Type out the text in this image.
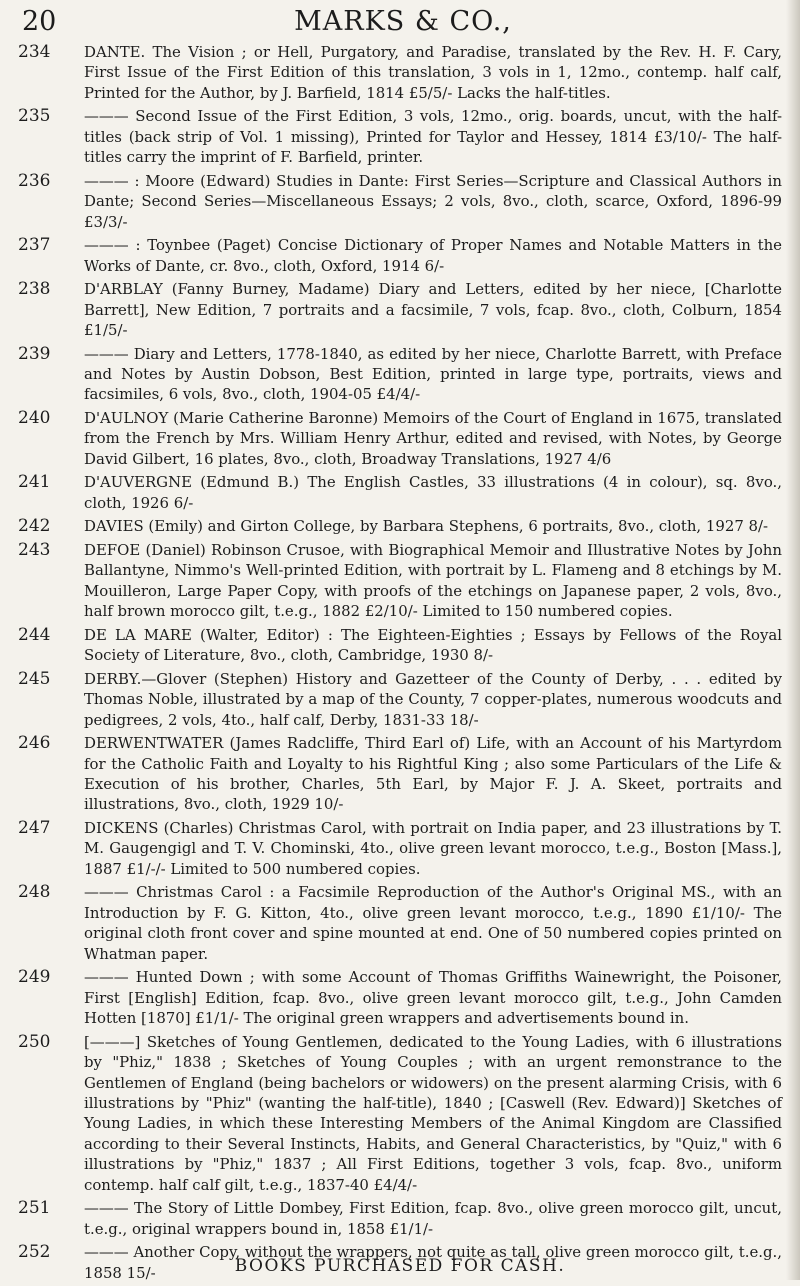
20	MARKS & CO.,
234	DANTE. The Vision ; or Hell, Purgatory, and Paradise, translated by the Rev. H. F. Cary, First Issue of the First Edition of this translation, 3 vols in 1, 12mo., contemp. half calf, Printed for the Author, by J. Barfield, 1814 £5/5/- Lacks the half-titles.
235	——— Second Issue of the First Edition, 3 vols, 12mo., orig. boards, uncut, with the half-titles (back strip of Vol. 1 missing), Printed for Taylor and Hessey, 1814 £3/10/- The half-titles carry the imprint of F. Barfield, printer.
236	——— : Moore (Edward) Studies in Dante: First Series—Scripture and Classical Authors in Dante; Second Series—Miscellaneous Essays; 2 vols, 8vo., cloth, scarce, Oxford, 1896-99 £3/3/-
237	——— : Toynbee (Paget) Concise Dictionary of Proper Names and Notable Matters in the Works of Dante, cr. 8vo., cloth, Oxford, 1914 6/-
238	D'ARBLAY (Fanny Burney, Madame) Diary and Letters, edited by her niece, [Charlotte Barrett], New Edition, 7 portraits and a facsimile, 7 vols, fcap. 8vo., cloth, Colburn, 1854 £1/5/-
239	——— Diary and Letters, 1778-1840, as edited by her niece, Charlotte Barrett, with Preface and Notes by Austin Dobson, Best Edition, printed in large type, portraits, views and facsimiles, 6 vols, 8vo., cloth, 1904-05 £4/4/-
240	D'AULNOY (Marie Catherine Baronne) Memoirs of the Court of England in 1675, translated from the French by Mrs. William Henry Arthur, edited and revised, with Notes, by George David Gilbert, 16 plates, 8vo., cloth, Broadway Translations, 1927 4/6
241	D'AUVERGNE (Edmund B.) The English Castles, 33 illustrations (4 in colour), sq. 8vo., cloth, 1926 6/-
242	DAVIES (Emily) and Girton College, by Barbara Stephens, 6 portraits, 8vo., cloth, 1927 8/-
243	DEFOE (Daniel) Robinson Crusoe, with Biographical Memoir and Illustrative Notes by John Ballantyne, Nimmo's Well-printed Edition, with portrait by L. Flameng and 8 etchings by M. Mouilleron, Large Paper Copy, with proofs of the etchings on Japanese paper, 2 vols, 8vo., half brown morocco gilt, t.e.g., 1882 £2/10/- Limited to 150 numbered copies.
244	DE LA MARE (Walter, Editor) : The Eighteen-Eighties ; Essays by Fellows of the Royal Society of Literature, 8vo., cloth, Cambridge, 1930 8/-
245	DERBY.—Glover (Stephen) History and Gazetteer of the County of Derby, . . . edited by Thomas Noble, illustrated by a map of the County, 7 copper-plates, numerous woodcuts and pedigrees, 2 vols, 4to., half calf, Derby, 1831-33 18/-
246	DERWENTWATER (James Radcliffe, Third Earl of) Life, with an Account of his Martyrdom for the Catholic Faith and Loyalty to his Rightful King ; also some Particulars of the Life & Execution of his brother, Charles, 5th Earl, by Major F. J. A. Skeet, portraits and illustrations, 8vo., cloth, 1929 10/-
247	DICKENS (Charles) Christmas Carol, with portrait on India paper, and 23 illustrations by T. M. Gaugengigl and T. V. Chominski, 4to., olive green levant morocco, t.e.g., Boston [Mass.], 1887 £1/-/- Limited to 500 numbered copies.
248	——— Christmas Carol : a Facsimile Reproduction of the Author's Original MS., with an Introduction by F. G. Kitton, 4to., olive green levant morocco, t.e.g., 1890 £1/10/- The original cloth front cover and spine mounted at end. One of 50 numbered copies printed on Whatman paper.
249	——— Hunted Down ; with some Account of Thomas Griffiths Wainewright, the Poisoner, First [English] Edition, fcap. 8vo., olive green levant morocco gilt, t.e.g., John Camden Hotten [1870] £1/1/- The original green wrappers and advertisements bound in.
250	[———] Sketches of Young Gentlemen, dedicated to the Young Ladies, with 6 illustrations by "Phiz," 1838 ; Sketches of Young Couples ; with an urgent remonstrance to the Gentlemen of England (being bachelors or widowers) on the present alarming Crisis, with 6 illustrations by "Phiz" (wanting the half-title), 1840 ; [Caswell (Rev. Edward)] Sketches of Young Ladies, in which these Interesting Members of the Animal Kingdom are Classified according to their Several Instincts, Habits, and General Characteristics, by "Quiz," with 6 illustrations by "Phiz," 1837 ; All First Editions, together 3 vols, fcap. 8vo., uniform contemp. half calf gilt, t.e.g., 1837-40 £4/4/-
251	——— The Story of Little Dombey, First Edition, fcap. 8vo., olive green morocco gilt, uncut, t.e.g., original wrappers bound in, 1858 £1/1/-
252	——— Another Copy, without the wrappers, not quite as tall, olive green morocco gilt, t.e.g., 1858 15/-	BOOKS PURCHASED FOR CASH.
